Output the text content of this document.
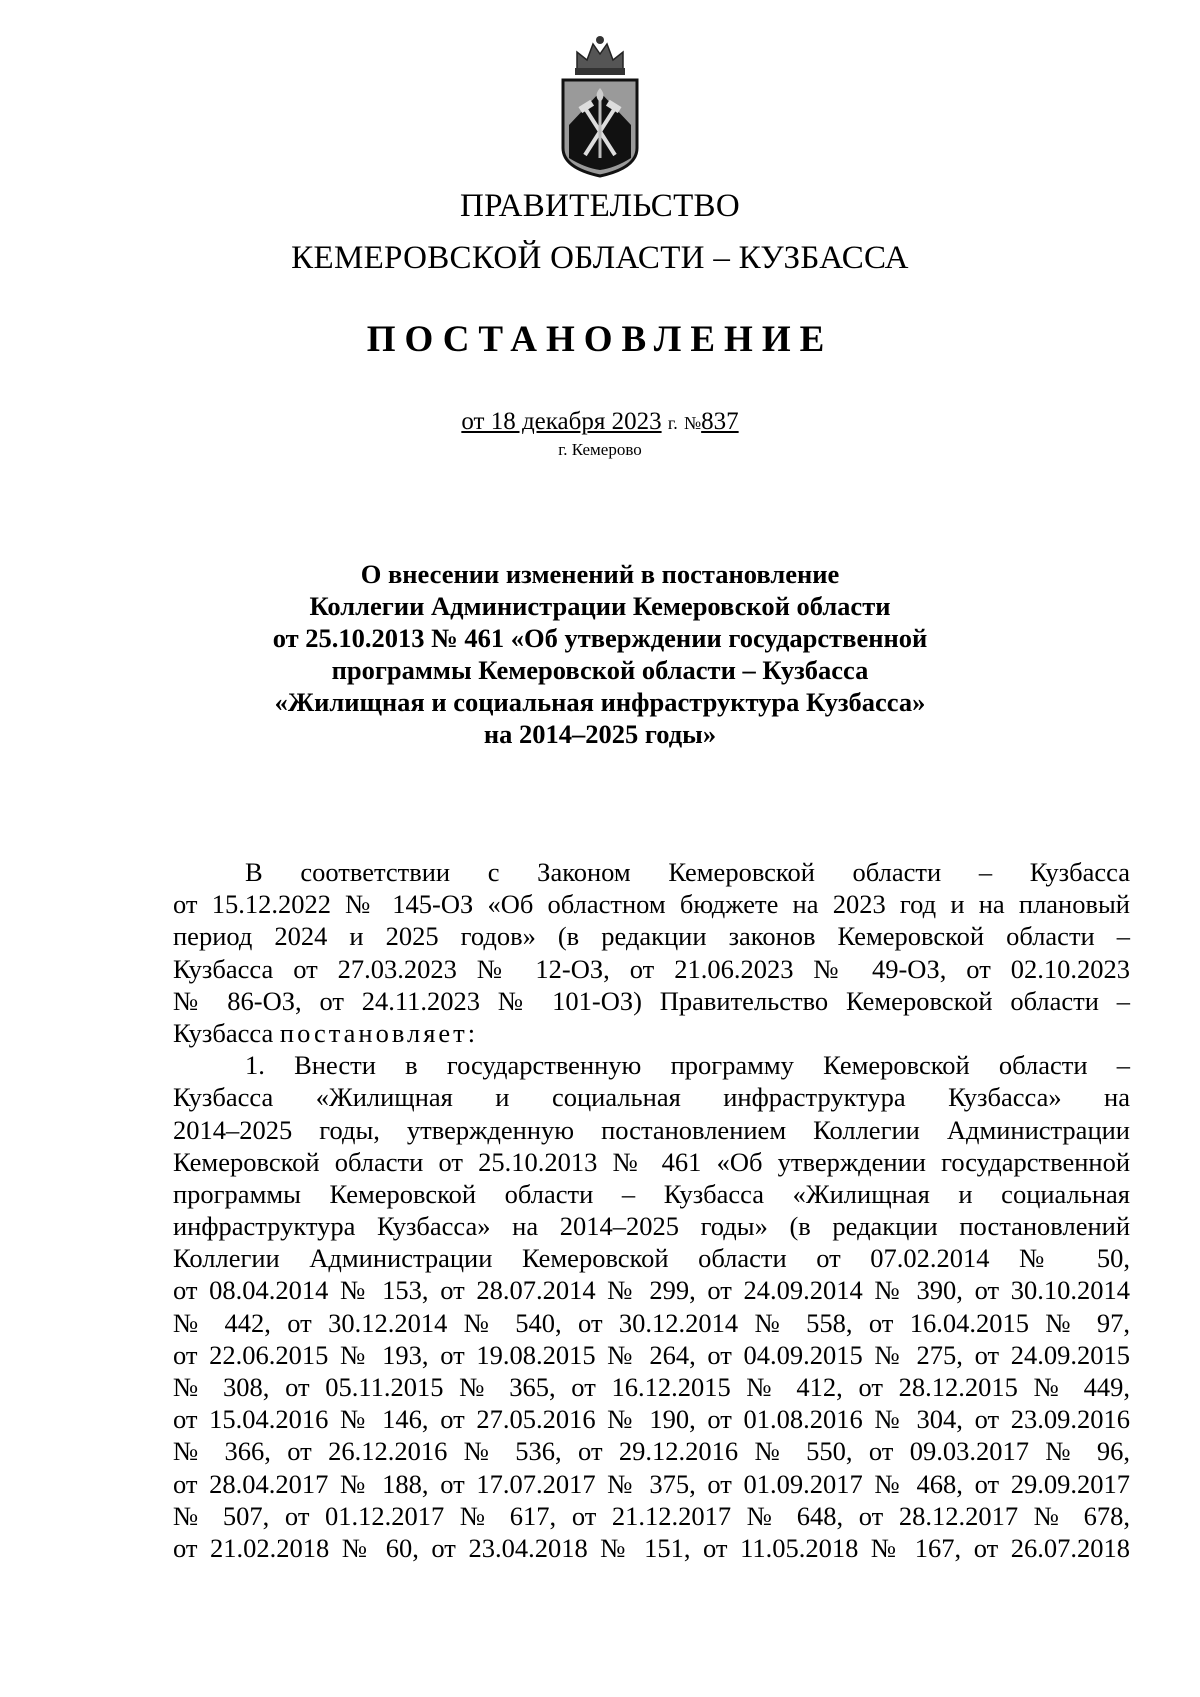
ПРАВИТЕЛЬСТВО
КЕМЕРОВСКОЙ ОБЛАСТИ – КУЗБАССА
ПОСТАНОВЛЕНИЕ
от 18 декабря 2023 г. №837
г. Кемерово
О внесении изменений в постановление
Коллегии Администрации Кемеровской области
от 25.10.2013 № 461 «Об утверждении государственной
программы Кемеровской области – Кузбасса
«Жилищная и социальная инфраструктура Кузбасса»
на 2014–2025 годы»
В соответствии с Законом Кемеровской области – Кузбасса
от 15.12.2022 № 145-ОЗ «Об областном бюджете на 2023 год и на плановый
период 2024 и 2025 годов» (в редакции законов Кемеровской области –
Кузбасса от 27.03.2023 № 12-ОЗ, от 21.06.2023 № 49-ОЗ, от 02.10.2023
№ 86-ОЗ, от 24.11.2023 № 101-ОЗ) Правительство Кемеровской области –
Кузбасса постановляет:
1. Внести в государственную программу Кемеровской области –
Кузбасса «Жилищная и социальная инфраструктура Кузбасса» на
2014–2025 годы, утвержденную постановлением Коллегии Администрации
Кемеровской области от 25.10.2013 № 461 «Об утверждении государственной
программы Кемеровской области – Кузбасса «Жилищная и социальная
инфраструктура Кузбасса» на 2014–2025 годы» (в редакции постановлений
Коллегии Администрации Кемеровской области от 07.02.2014 № 50,
от 08.04.2014 № 153, от 28.07.2014 № 299, от 24.09.2014 № 390, от 30.10.2014
№ 442, от 30.12.2014 № 540, от 30.12.2014 № 558, от 16.04.2015 № 97,
от 22.06.2015 № 193, от 19.08.2015 № 264, от 04.09.2015 № 275, от 24.09.2015
№ 308, от 05.11.2015 № 365, от 16.12.2015 № 412, от 28.12.2015 № 449,
от 15.04.2016 № 146, от 27.05.2016 № 190, от 01.08.2016 № 304, от 23.09.2016
№ 366, от 26.12.2016 № 536, от 29.12.2016 № 550, от 09.03.2017 № 96,
от 28.04.2017 № 188, от 17.07.2017 № 375, от 01.09.2017 № 468, от 29.09.2017
№ 507, от 01.12.2017 № 617, от 21.12.2017 № 648, от 28.12.2017 № 678,
от 21.02.2018 № 60, от 23.04.2018 № 151, от 11.05.2018 № 167, от 26.07.2018
